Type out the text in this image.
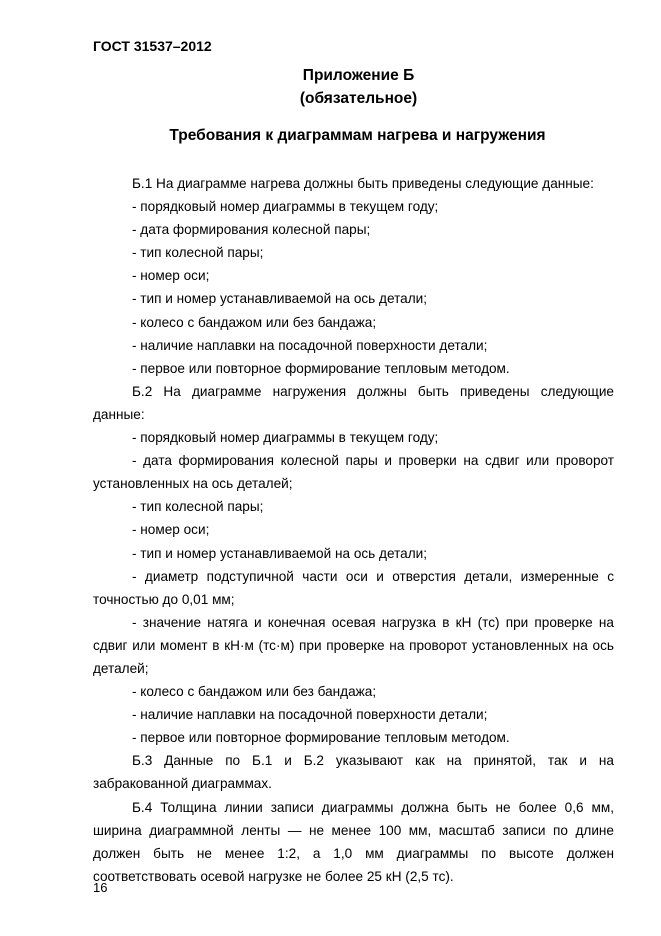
ГОСТ 31537–2012

Приложение Б
(обязательное)
Требования к диаграммам нагрева и нагружения

Б.1 На диаграмме нагрева должны быть приведены следующие данные:

- порядковый номер диаграммы в текущем году;

- дата формирования колесной пары;

- тип колесной пары;

- номер оси;

- тип и номер устанавливаемой на ось детали;

- колесо с бандажом или без бандажа;

- наличие наплавки на посадочной поверхности детали;

- первое или повторное формирование тепловым методом.

Б.2 На диаграмме нагружения должны быть приведены следующие данные:

- порядковый номер диаграммы в текущем году;

- дата формирования колесной пары и проверки на сдвиг или проворот установленных на ось деталей;

- тип колесной пары;

- номер оси;

- тип и номер устанавливаемой на ось детали;

- диаметр подступичной части оси и отверстия детали, измеренные с точностью до 0,01 мм;

- значение натяга и конечная осевая нагрузка в кН (тс) при проверке на сдвиг или момент в кН·м (тс·м) при проверке на проворот установленных на ось деталей;

- колесо с бандажом или без бандажа;

- наличие наплавки на посадочной поверхности детали;

- первое или повторное формирование тепловым методом.

Б.3 Данные по Б.1 и Б.2 указывают как на принятой, так и на забракованной диаграммах.

Б.4 Толщина линии записи диаграммы должна быть не более 0,6 мм, ширина диаграммной ленты — не менее 100 мм, масштаб записи по длине должен быть не менее 1:2, а 1,0 мм диаграммы по высоте должен соответствовать осевой нагрузке не более 25 кН (2,5 тс).

16
